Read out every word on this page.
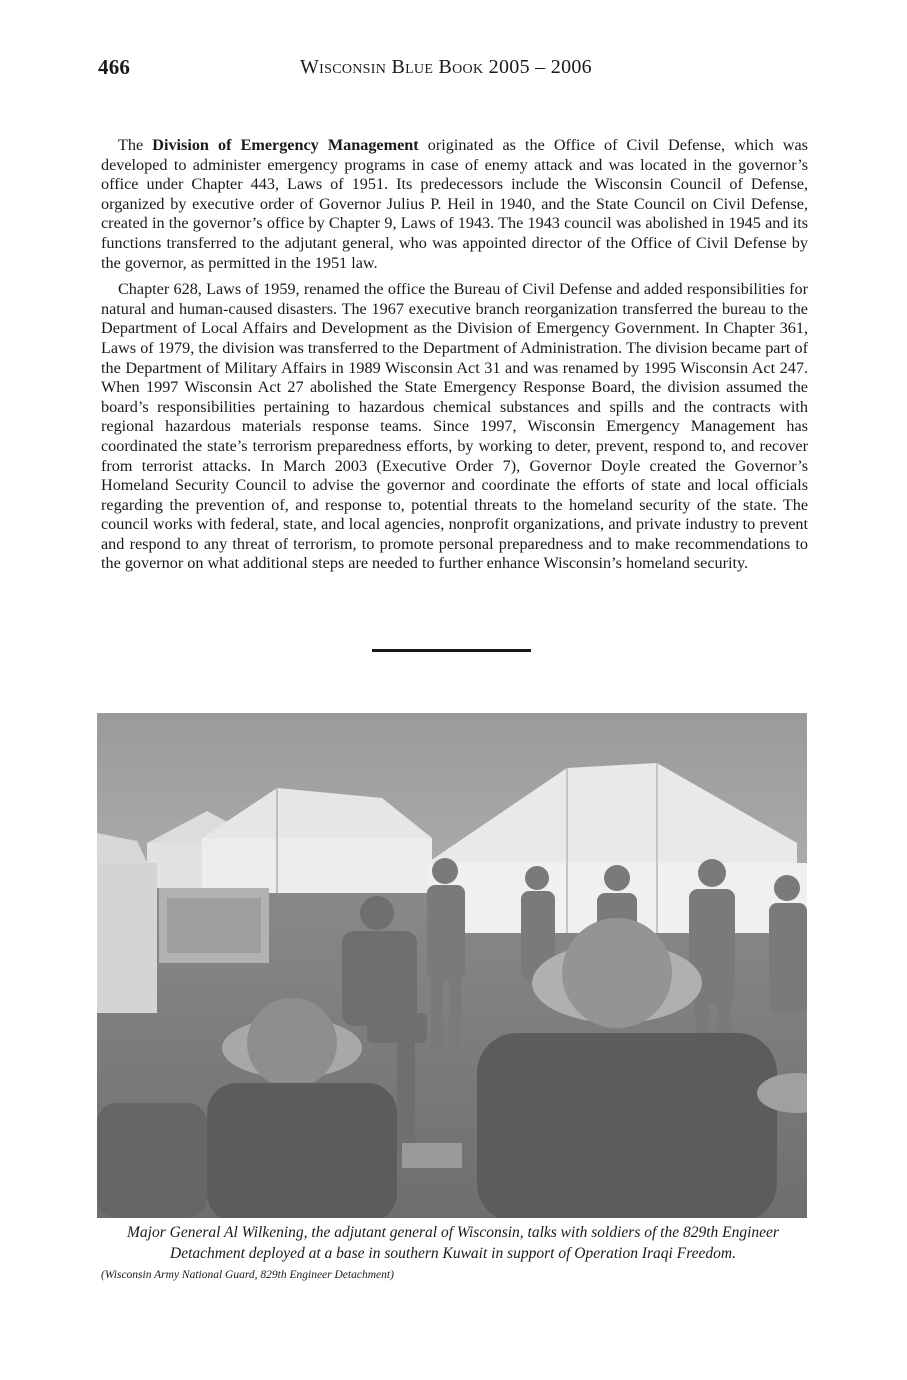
466	Wisconsin Blue Book 2005 – 2006

The Division of Emergency Management originated as the Office of Civil Defense, which was developed to administer emergency programs in case of enemy attack and was located in the governor’s office under Chapter 443, Laws of 1951. Its predecessors include the Wisconsin Council of Defense, organized by executive order of Governor Julius P. Heil in 1940, and the State Council on Civil Defense, created in the governor’s office by Chapter 9, Laws of 1943. The 1943 council was abolished in 1945 and its functions transferred to the adjutant general, who was appointed director of the Office of Civil Defense by the governor, as permitted in the 1951 law.

Chapter 628, Laws of 1959, renamed the office the Bureau of Civil Defense and added responsibilities for natural and human-caused disasters. The 1967 executive branch reorganization transferred the bureau to the Department of Local Affairs and Development as the Division of Emergency Government. In Chapter 361, Laws of 1979, the division was transferred to the Department of Administration. The division became part of the Department of Military Affairs in 1989 Wisconsin Act 31 and was renamed by 1995 Wisconsin Act 247. When 1997 Wisconsin Act 27 abolished the State Emergency Response Board, the division assumed the board’s responsibilities pertaining to hazardous chemical substances and spills and the contracts with regional hazardous materials response teams. Since 1997, Wisconsin Emergency Management has coordinated the state’s terrorism preparedness efforts, by working to deter, prevent, respond to, and recover from terrorist attacks. In March 2003 (Executive Order 7), Governor Doyle created the Governor’s Homeland Security Council to advise the governor and coordinate the efforts of state and local officials regarding the prevention of, and response to, potential threats to the homeland security of the state. The council works with federal, state, and local agencies, nonprofit organizations, and private industry to prevent and respond to any threat of terrorism, to promote personal preparedness and to make recommendations to the governor on what additional steps are needed to further enhance Wisconsin’s homeland security.

Major General Al Wilkening, the adjutant general of Wisconsin, talks with soldiers of the 829th Engineer Detachment deployed at a base in southern Kuwait in support of Operation Iraqi Freedom.
(Wisconsin Army National Guard, 829th Engineer Detachment)
